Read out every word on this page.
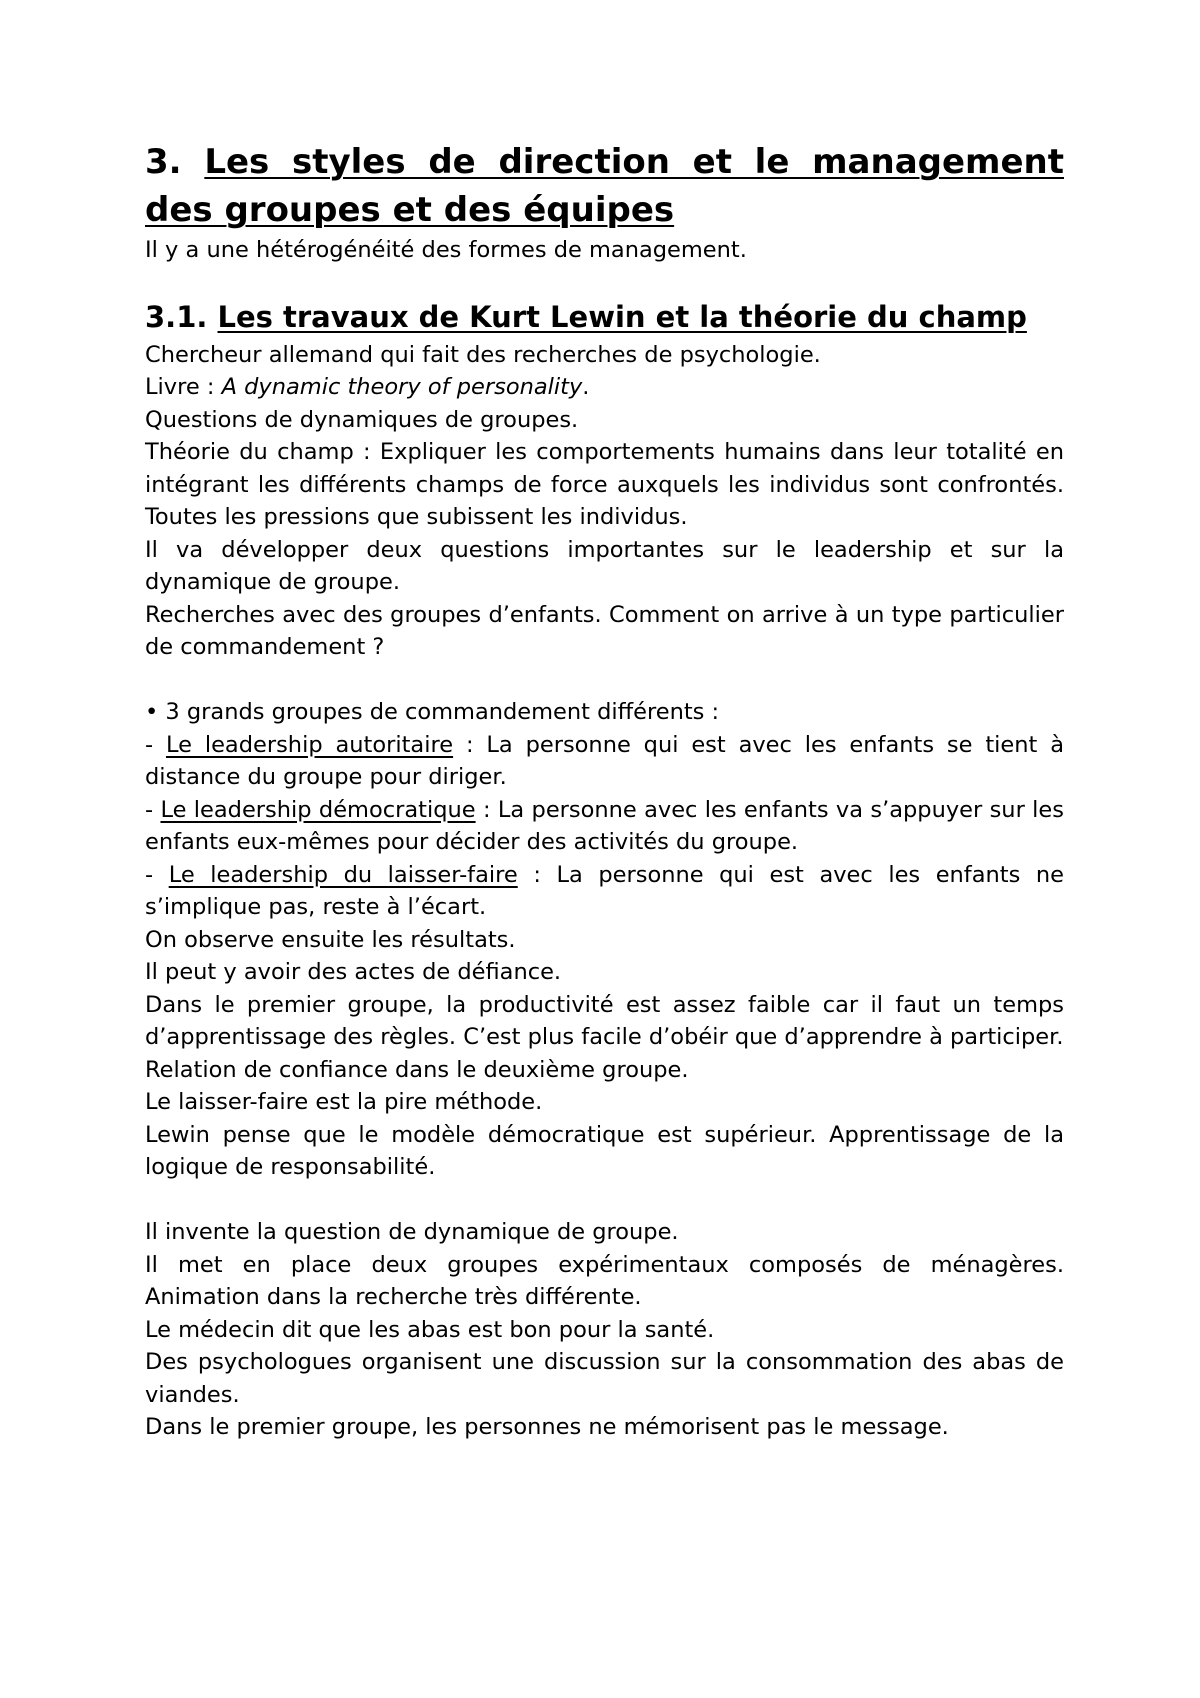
3. Les styles de direction et le management des groupes et des équipes

Il y a une hétérogénéité des formes de management.

3.1. Les travaux de Kurt Lewin et la théorie du champ

Chercheur allemand qui fait des recherches de psychologie.

Livre : A dynamic theory of personality.

Questions de dynamiques de groupes.

Théorie du champ : Expliquer les comportements humains dans leur totalité en intégrant les différents champs de force auxquels les individus sont confrontés. Toutes les pressions que subissent les individus.

Il va développer deux questions importantes sur le leadership et sur la dynamique de groupe.

Recherches avec des groupes d’enfants. Comment on arrive à un type particulier de commandement ?

• 3 grands groupes de commandement différents :

- Le leadership autoritaire : La personne qui est avec les enfants se tient à distance du groupe pour diriger.

- Le leadership démocratique : La personne avec les enfants va s’appuyer sur les enfants eux-mêmes pour décider des activités du groupe.

- Le leadership du laisser-faire : La personne qui est avec les enfants ne s’implique pas, reste à l’écart.

On observe ensuite les résultats.

Il peut y avoir des actes de défiance.

Dans le premier groupe, la productivité est assez faible car il faut un temps d’apprentissage des règles. C’est plus facile d’obéir que d’apprendre à participer.

Relation de confiance dans le deuxième groupe.

Le laisser-faire est la pire méthode.

Lewin pense que le modèle démocratique est supérieur. Apprentissage de la logique de responsabilité.

Il invente la question de dynamique de groupe.

Il met en place deux groupes expérimentaux composés de ménagères. Animation dans la recherche très différente.

Le médecin dit que les abas est bon pour la santé.

Des psychologues organisent une discussion sur la consommation des abas de viandes.

Dans le premier groupe, les personnes ne mémorisent pas le message.
